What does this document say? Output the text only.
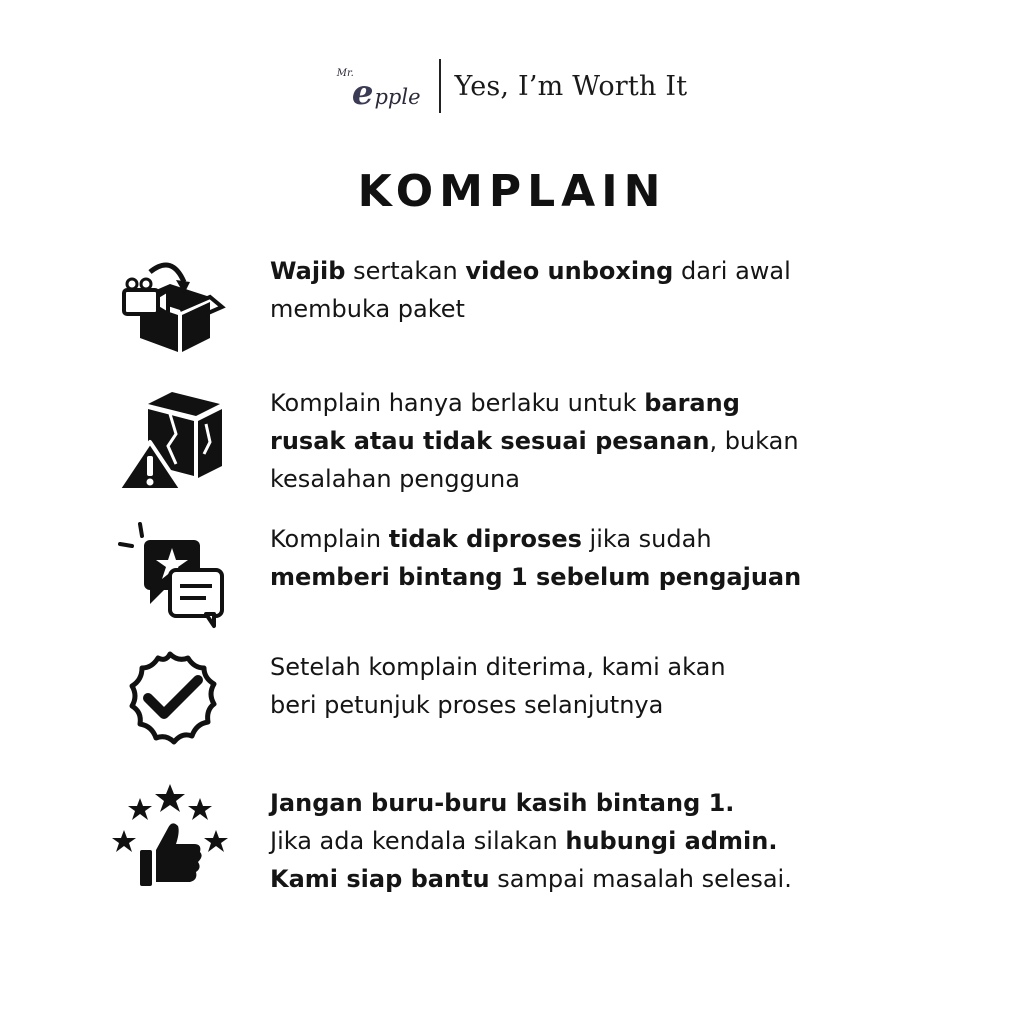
Mr.
e pple Yes, I’m Worth It
KOMPLAIN
Wajib sertakan video unboxing dari awal
membuka paket
Komplain hanya berlaku untuk barang
rusak atau tidak sesuai pesanan, bukan
kesalahan pengguna
Komplain tidak diproses jika sudah
memberi bintang 1 sebelum pengajuan
Setelah komplain diterima, kami akan
beri petunjuk proses selanjutnya
Jangan buru-buru kasih bintang 1.
Jika ada kendala silakan hubungi admin.
Kami siap bantu sampai masalah selesai.
